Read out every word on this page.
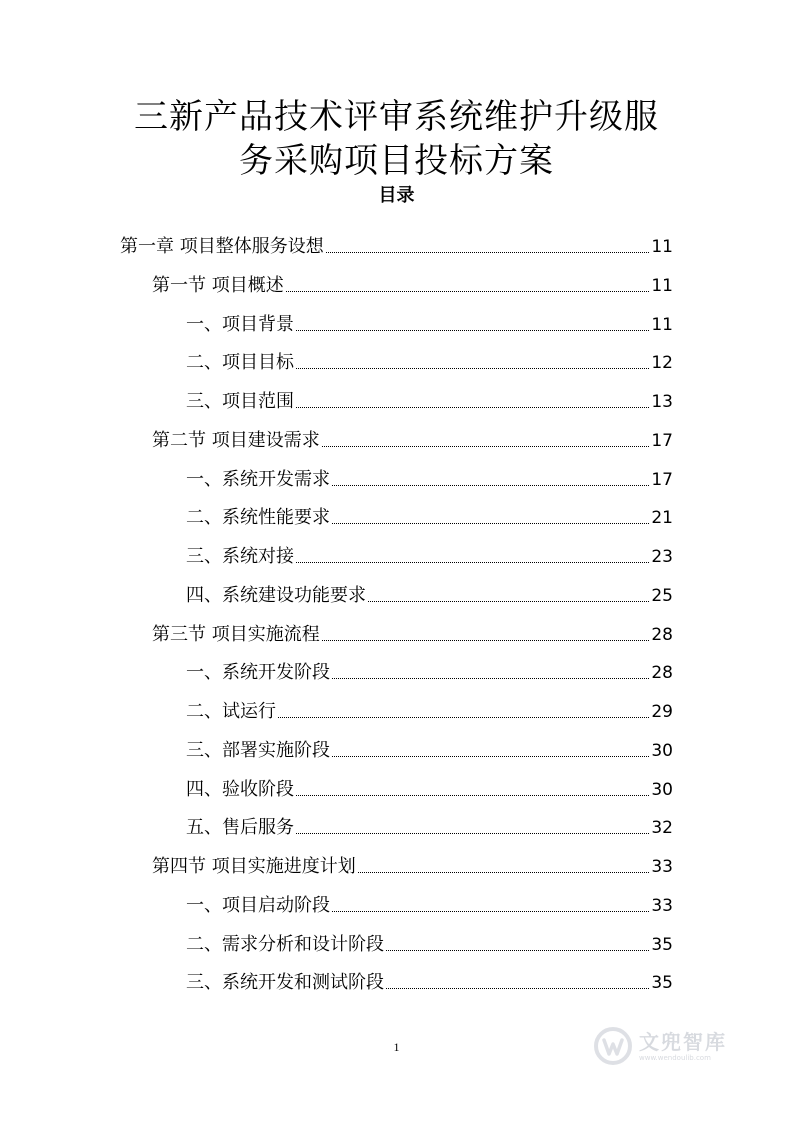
三新产品技术评审系统维护升级服
务采购项目投标方案
目录
第一章 项目整体服务设想	11
第一节 项目概述	11
一、项目背景	11
二、项目目标	12
三、项目范围	13
第二节 项目建设需求	17
一、系统开发需求	17
二、系统性能要求	21
三、系统对接	23
四、系统建设功能要求	25
第三节 项目实施流程	28
一、系统开发阶段	28
二、试运行	29
三、部署实施阶段	30
四、验收阶段	30
五、售后服务	32
第四节 项目实施进度计划	33
一、项目启动阶段	33
二、需求分析和设计阶段	35
三、系统开发和测试阶段	35
1	文兜智库
www.wendoulib.com
